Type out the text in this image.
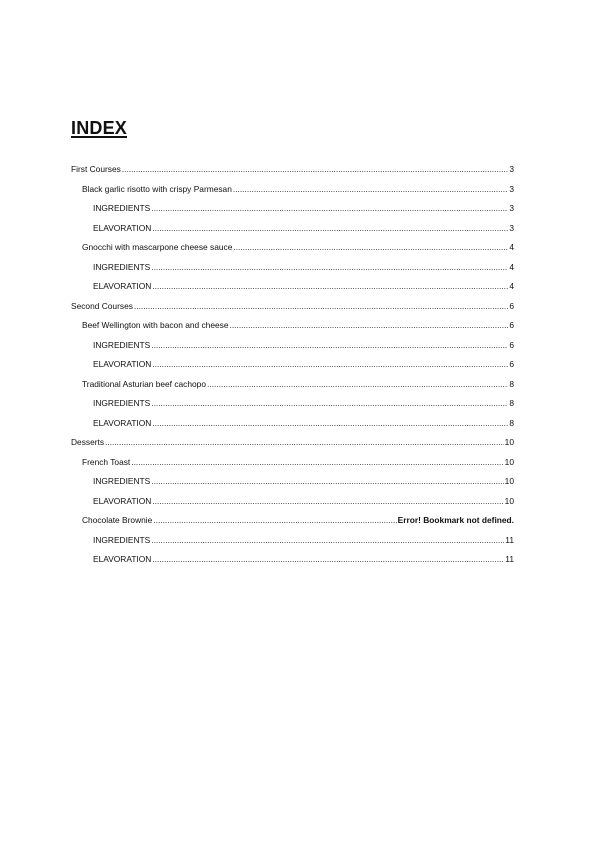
INDEX
First Courses .....	3
Black garlic risotto with crispy Parmesan .....	3
INGREDIENTS .....	3
ELAVORATION .....	3
Gnocchi with mascarpone cheese sauce .....	4
INGREDIENTS .....	4
ELAVORATION .....	4
Second Courses .....	6
Beef Wellington with bacon and cheese .....	6
INGREDIENTS .....	6
ELAVORATION .....	6
Traditional Asturian beef cachopo .....	8
INGREDIENTS .....	8
ELAVORATION .....	8
Desserts .....	10
French Toast .....	10
INGREDIENTS .....	10
ELAVORATION .....	10
Chocolate Brownie .....	Error! Bookmark not defined.
INGREDIENTS .....	11
ELAVORATION .....	11
